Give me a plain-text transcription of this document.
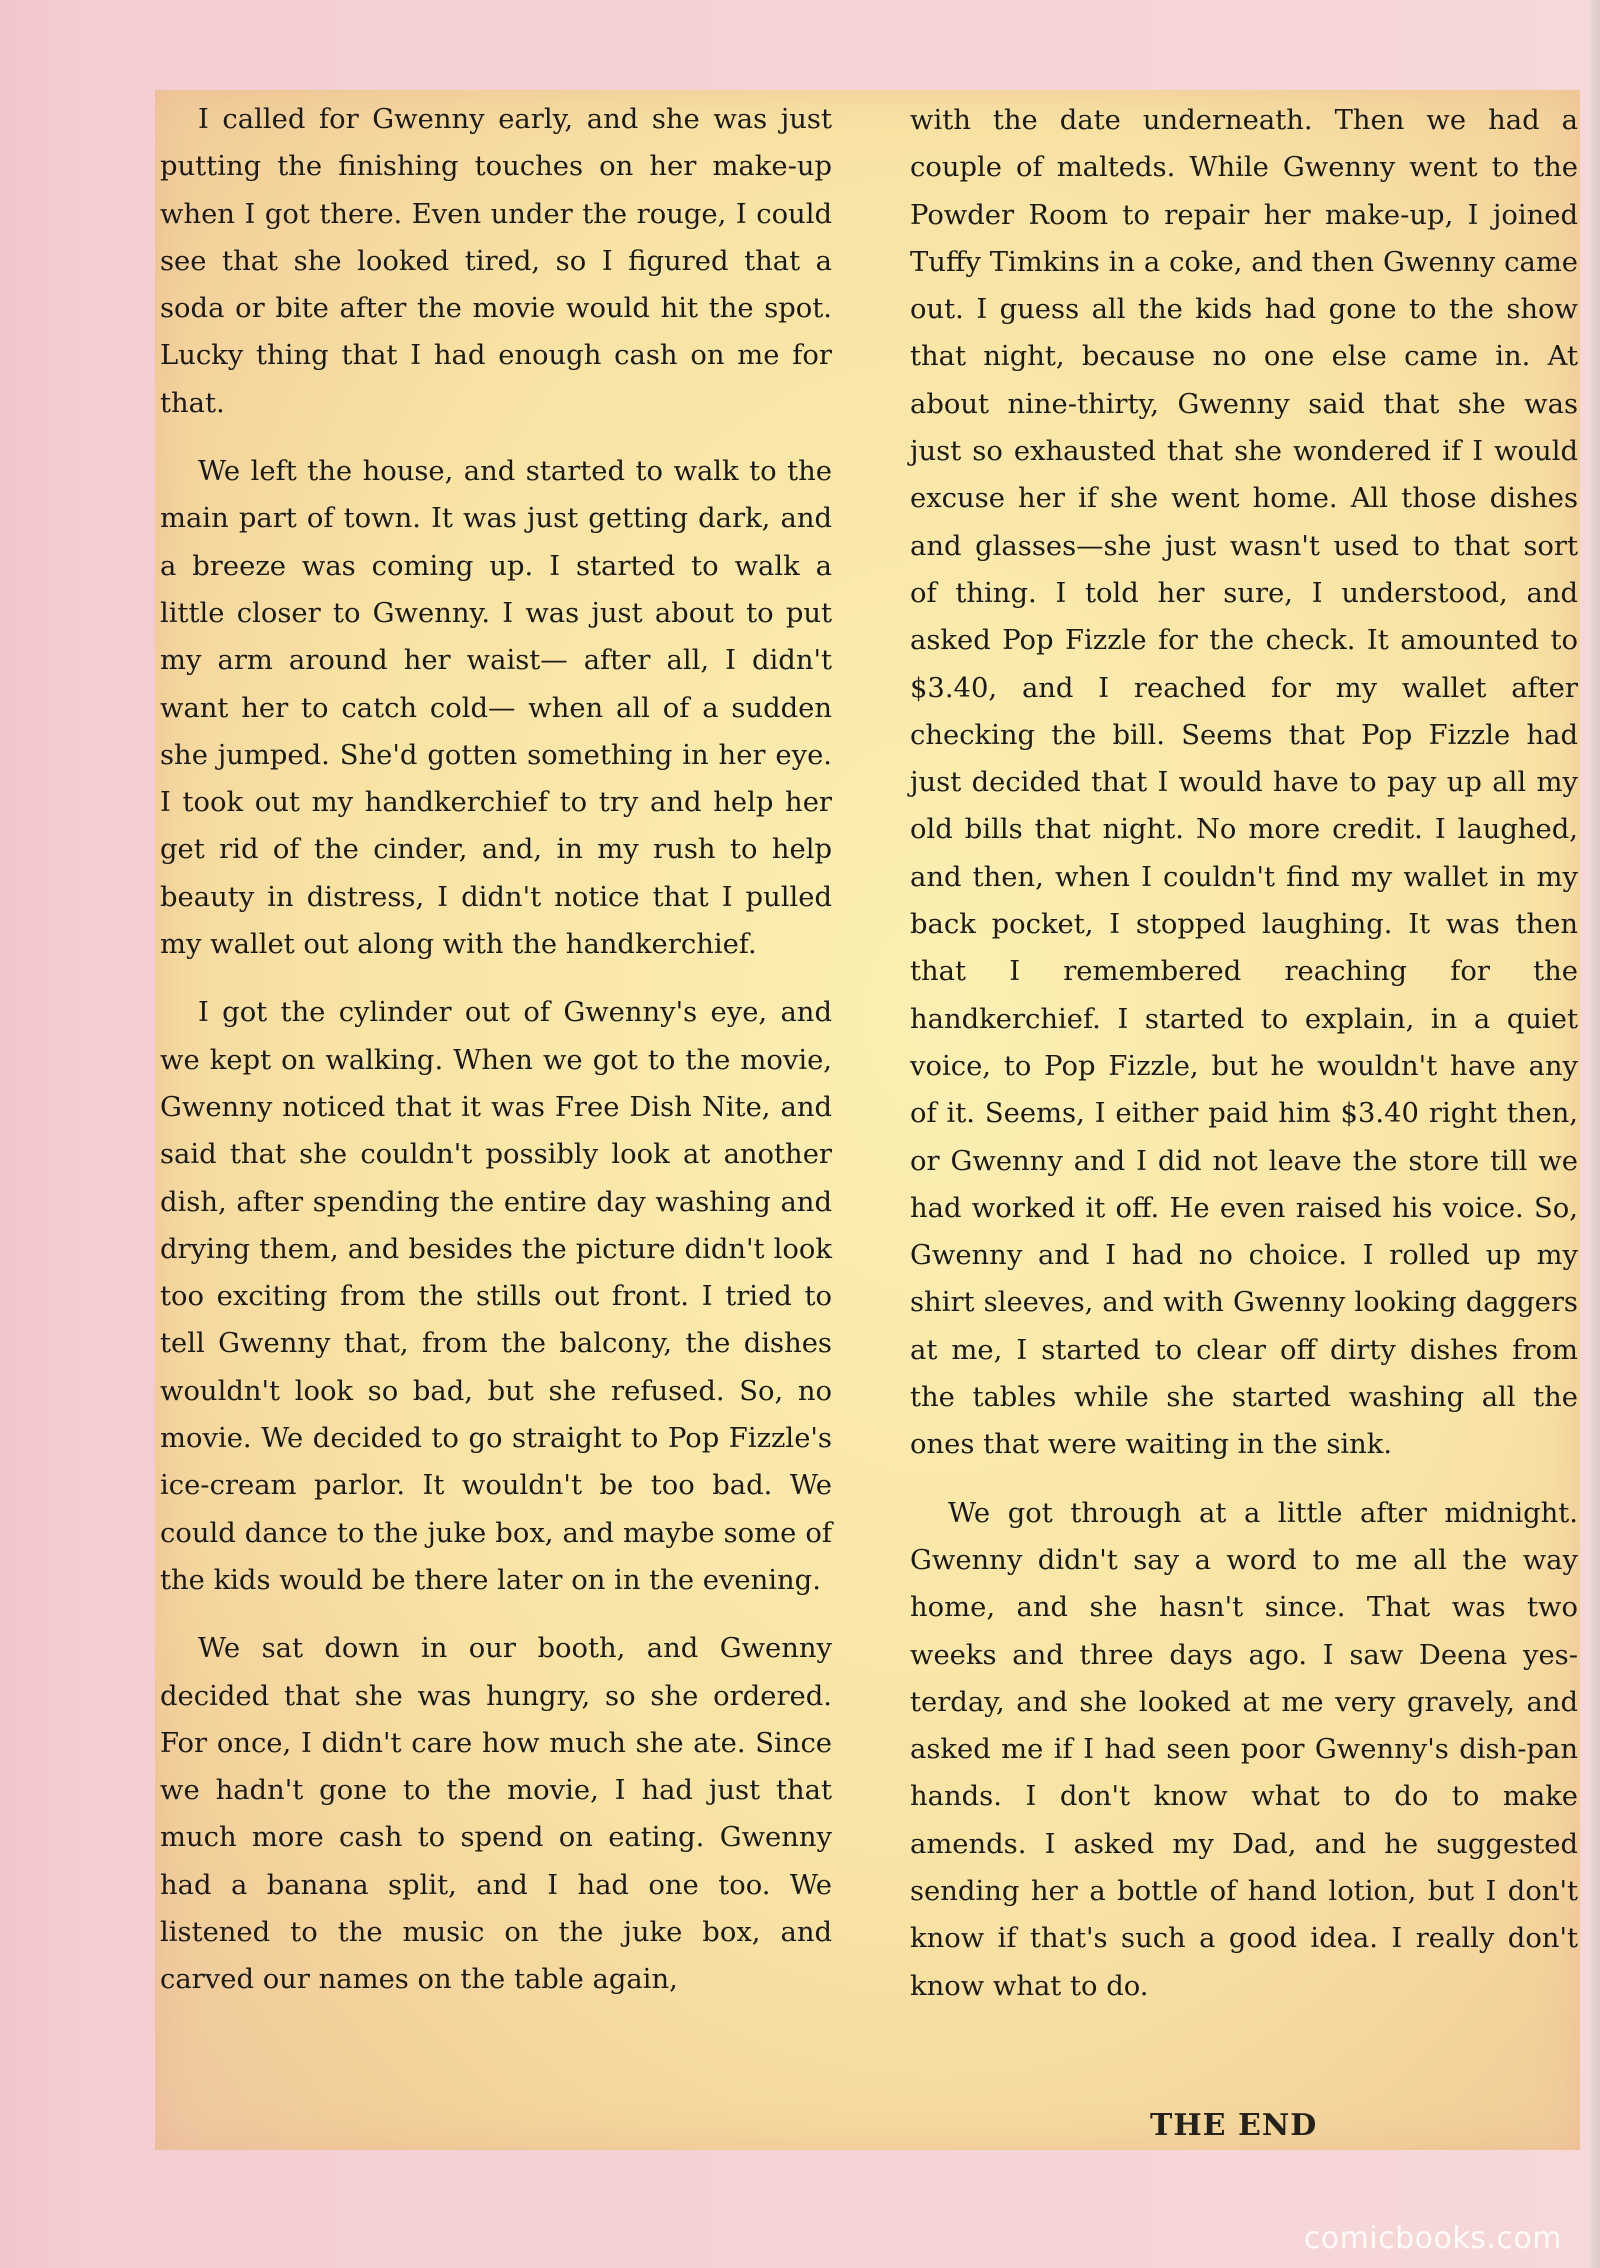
I called for Gwenny early, and she was just putting the finishing touches on her make-up when I got there. Even under the rouge, I could see that she looked tired, so I figured that a soda or bite after the movie would hit the spot. Lucky thing that I had enough cash on me for that.

We left the house, and started to walk to the main part of town. It was just getting dark, and a breeze was coming up. I started to walk a little closer to Gwenny. I was just about to put my arm around her waist— after all, I didn't want her to catch cold— when all of a sudden she jumped. She'd gotten something in her eye. I took out my handkerchief to try and help her get rid of the cinder, and, in my rush to help beauty in distress, I didn't notice that I pulled my wallet out along with the handkerchief.

I got the cylinder out of Gwenny's eye, and we kept on walking. When we got to the movie, Gwenny noticed that it was Free Dish Nite, and said that she couldn't possibly look at another dish, after spending the entire day washing and drying them, and besides the picture didn't look too exciting from the stills out front. I tried to tell Gwenny that, from the balcony, the dishes wouldn't look so bad, but she refused. So, no movie. We decided to go straight to Pop Fizzle's ice-cream parlor. It wouldn't be too bad. We could dance to the juke box, and maybe some of the kids would be there later on in the evening.

We sat down in our booth, and Gwenny decided that she was hungry, so she ordered. For once, I didn't care how much she ate. Since we hadn't gone to the movie, I had just that much more cash to spend on eating. Gwenny had a banana split, and I had one too. We listened to the music on the juke box, and carved our names on the table again,

with the date underneath. Then we had a couple of malteds. While Gwenny went to the Powder Room to repair her make-up, I joined Tuffy Timkins in a coke, and then Gwenny came out. I guess all the kids had gone to the show that night, because no one else came in. At about nine-thirty, Gwenny said that she was just so exhausted that she wondered if I would excuse her if she went home. All those dishes and glasses—she just wasn't used to that sort of thing. I told her sure, I understood, and asked Pop Fizzle for the check. It amounted to $3.40, and I reached for my wallet after checking the bill. Seems that Pop Fizzle had just decided that I would have to pay up all my old bills that night. No more credit. I laughed, and then, when I couldn't find my wallet in my back pocket, I stopped laughing. It was then that I remembered reaching for the handkerchief. I started to explain, in a quiet voice, to Pop Fizzle, but he wouldn't have any of it. Seems, I either paid him $3.40 right then, or Gwenny and I did not leave the store till we had worked it off. He even raised his voice. So, Gwenny and I had no choice. I rolled up my shirt sleeves, and with Gwenny looking daggers at me, I started to clear off dirty dishes from the tables while she started washing all the ones that were waiting in the sink.

We got through at a little after midnight. Gwenny didn't say a word to me all the way home, and she hasn't since. That was two weeks and three days ago. I saw Deena yesterday, and she looked at me very gravely, and asked me if I had seen poor Gwenny's dish-pan hands. I don't know what to do to make amends. I asked my Dad, and he suggested sending her a bottle of hand lotion, but I don't know if that's such a good idea. I really don't know what to do.

THE END
comicbooks.com
